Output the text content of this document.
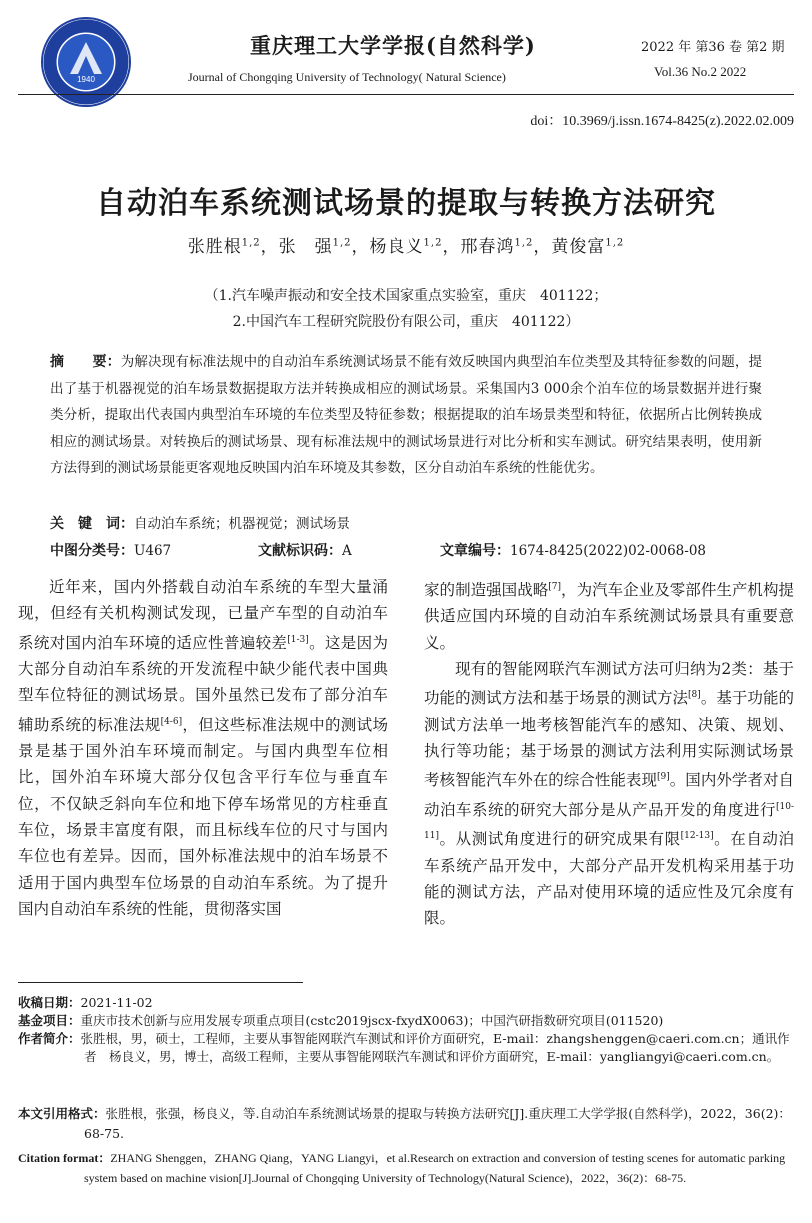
1940
重庆理工大学学报(自然科学)
Journal of Chongqing University of Technology( Natural Science)
2022 年 第36 卷 第2 期
Vol.36 No.2 2022
doi：10.3969/j.issn.1674-8425(z).2022.02.009
自动泊车系统测试场景的提取与转换方法研究
张胜根$^{1,2}$，张　强$^{1,2}$，杨良义$^{1,2}$，邢春鸿$^{1,2}$，黄俊富$^{1,2}$
（1.汽车噪声振动和安全技术国家重点实验室，重庆　401122；
2.中国汽车工程研究院股份有限公司，重庆　401122）
摘　　要：为解决现有标准法规中的自动泊车系统测试场景不能有效反映国内典型泊车位类型及其特征参数的问题，提出了基于机器视觉的泊车场景数据提取方法并转换成相应的测试场景。采集国内3 000余个泊车位的场景数据并进行聚类分析，提取出代表国内典型泊车环境的车位类型及特征参数；根据提取的泊车场景类型和特征，依据所占比例转换成相应的测试场景。对转换后的测试场景、现有标准法规中的测试场景进行对比分析和实车测试。研究结果表明，使用新方法得到的测试场景能更客观地反映国内泊车环境及其参数，区分自动泊车系统的性能优劣。
关　键　词：自动泊车系统；机器视觉；测试场景
中图分类号：U467	文献标识码：A	文章编号：1674-8425(2022)02-0068-08

近年来，国内外搭载自动泊车系统的车型大量涌现，但经有关机构测试发现，已量产车型的自动泊车系统对国内泊车环境的适应性普遍较差[1-3]。这是因为大部分自动泊车系统的开发流程中缺少能代表中国典型车位特征的测试场景。国外虽然已发布了部分泊车辅助系统的标准法规[4-6]，但这些标准法规中的测试场景是基于国外泊车环境而制定。与国内典型车位相比，国外泊车环境大部分仅包含平行车位与垂直车位，不仅缺乏斜向车位和地下停车场常见的方柱垂直车位，场景丰富度有限，而且标线车位的尺寸与国内车位也有差异。因而，国外标准法规中的泊车场景不适用于国内典型车位场景的自动泊车系统。为了提升国内自动泊车系统的性能，贯彻落实国

家的制造强国战略[7]，为汽车企业及零部件生产机构提供适应国内环境的自动泊车系统测试场景具有重要意义。

现有的智能网联汽车测试方法可归纳为2类：基于功能的测试方法和基于场景的测试方法[8]。基于功能的测试方法单一地考核智能汽车的感知、决策、规划、执行等功能；基于场景的测试方法利用实际测试场景考核智能汽车外在的综合性能表现[9]。国内外学者对自动泊车系统的研究大部分是从产品开发的角度进行[10-11]。从测试角度进行的研究成果有限[12-13]。在自动泊车系统产品开发中，大部分产品开发机构采用基于功能的测试方法，产品对使用环境的适应性及冗余度有限。

收稿日期：2021-11-02
基金项目：重庆市技术创新与应用发展专项重点项目(cstc2019jscx-fxydX0063)；中国汽研指数研究项目(011520)
作者简介：张胜根，男，硕士，工程师，主要从事智能网联汽车测试和评价方面研究，E-mail：zhangshenggen@caeri.com.cn；通讯作者　杨良义，男，博士，高级工程师，主要从事智能网联汽车测试和评价方面研究，E-mail：yangliangyi@caeri.com.cn。
本文引用格式：张胜根，张强，杨良义，等.自动泊车系统测试场景的提取与转换方法研究[J].重庆理工大学学报(自然科学)，2022，36(2)：68-75.
Citation format：ZHANG Shenggen，ZHANG Qiang，YANG Liangyi，et al.Research on extraction and conversion of testing scenes for automatic parking system based on machine vision[J].Journal of Chongqing University of Technology(Natural Science)，2022，36(2)：68-75.
